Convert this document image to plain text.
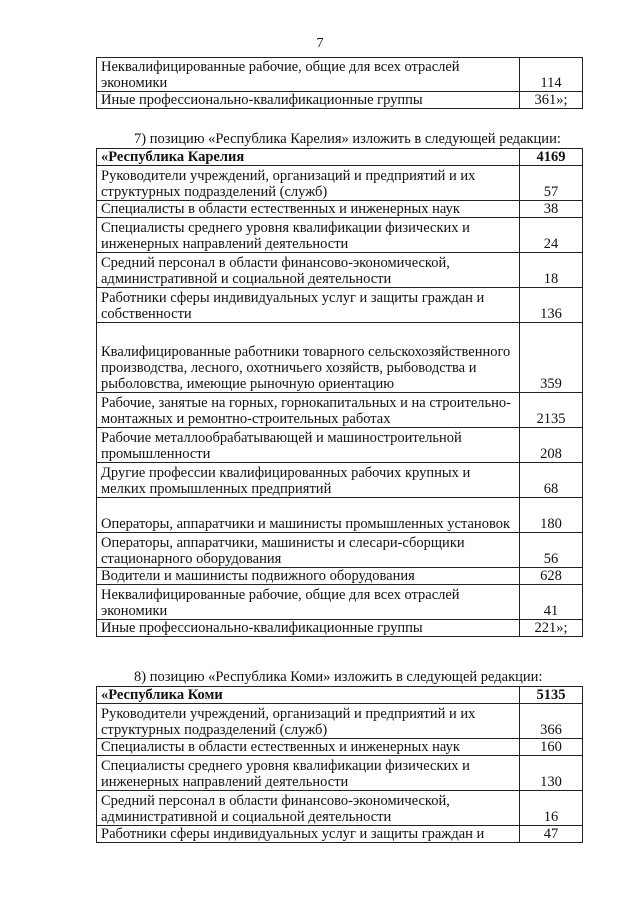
7
Неквалифицированные рабочие, общие для всех отраслей экономики	114
Иные профессионально-квалификационные группы	361»;
7) позицию «Республика Карелия» изложить в следующей редакции:
«Республика Карелия	4169
Руководители учреждений, организаций и предприятий и их структурных подразделений (служб)	57
Специалисты в области естественных и инженерных наук	38
Специалисты среднего уровня квалификации физических и инженерных направлений деятельности	24
Средний персонал в области финансово-экономической, административной и социальной деятельности	18
Работники сферы индивидуальных услуг и защиты граждан и собственности	136
Квалифицированные работники товарного сельскохозяйственного производства, лесного, охотничьего хозяйств, рыбоводства и рыболовства, имеющие рыночную ориентацию	359
Рабочие, занятые на горных, горнокапитальных и на строительно-монтажных и ремонтно-строительных работах	2135
Рабочие металлообрабатывающей и машиностроительной промышленности	208
Другие профессии квалифицированных рабочих крупных и мелких промышленных предприятий	68
Операторы, аппаратчики и машинисты промышленных установок	180
Операторы, аппаратчики, машинисты и слесари-сборщики стационарного оборудования	56
Водители и машинисты подвижного оборудования	628
Неквалифицированные рабочие, общие для всех отраслей экономики	41
Иные профессионально-квалификационные группы	221»;
8) позицию «Республика Коми» изложить в следующей редакции:
«Республика Коми	5135
Руководители учреждений, организаций и предприятий и их структурных подразделений (служб)	366
Специалисты в области естественных и инженерных наук	160
Специалисты среднего уровня квалификации физических и инженерных направлений деятельности	130
Средний персонал в области финансово-экономической, административной и социальной деятельности	16
Работники сферы индивидуальных услуг и защиты граждан и	47
